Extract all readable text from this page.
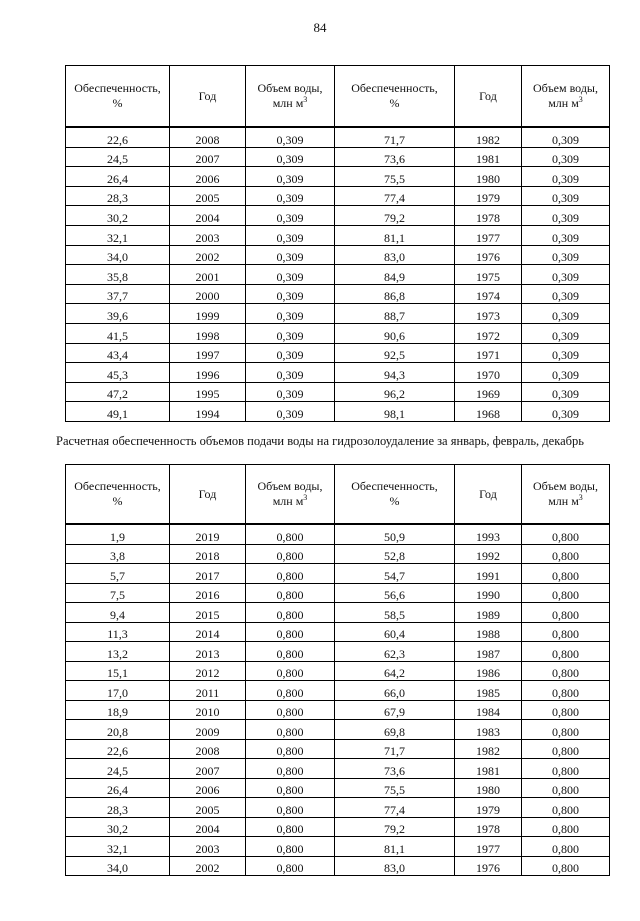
84
Обеспеченность,
%	Год	Объем воды,
млн $м^3$	Обеспеченность,
%	Год	Объем воды,
млн $м^3$
22,6	2008	0,309	71,7	1982	0,309
24,5	2007	0,309	73,6	1981	0,309
26,4	2006	0,309	75,5	1980	0,309
28,3	2005	0,309	77,4	1979	0,309
30,2	2004	0,309	79,2	1978	0,309
32,1	2003	0,309	81,1	1977	0,309
34,0	2002	0,309	83,0	1976	0,309
35,8	2001	0,309	84,9	1975	0,309
37,7	2000	0,309	86,8	1974	0,309
39,6	1999	0,309	88,7	1973	0,309
41,5	1998	0,309	90,6	1972	0,309
43,4	1997	0,309	92,5	1971	0,309
45,3	1996	0,309	94,3	1970	0,309
47,2	1995	0,309	96,2	1969	0,309
49,1	1994	0,309	98,1	1968	0,309
Расчетная обеспеченность объемов подачи воды на гидрозолоудаление за январь, февраль, декабрь
Обеспеченность,
%	Год	Объем воды,
млн $м^3$	Обеспеченность,
%	Год	Объем воды,
млн $м^3$
1,9	2019	0,800	50,9	1993	0,800
3,8	2018	0,800	52,8	1992	0,800
5,7	2017	0,800	54,7	1991	0,800
7,5	2016	0,800	56,6	1990	0,800
9,4	2015	0,800	58,5	1989	0,800
11,3	2014	0,800	60,4	1988	0,800
13,2	2013	0,800	62,3	1987	0,800
15,1	2012	0,800	64,2	1986	0,800
17,0	2011	0,800	66,0	1985	0,800
18,9	2010	0,800	67,9	1984	0,800
20,8	2009	0,800	69,8	1983	0,800
22,6	2008	0,800	71,7	1982	0,800
24,5	2007	0,800	73,6	1981	0,800
26,4	2006	0,800	75,5	1980	0,800
28,3	2005	0,800	77,4	1979	0,800
30,2	2004	0,800	79,2	1978	0,800
32,1	2003	0,800	81,1	1977	0,800
34,0	2002	0,800	83,0	1976	0,800
